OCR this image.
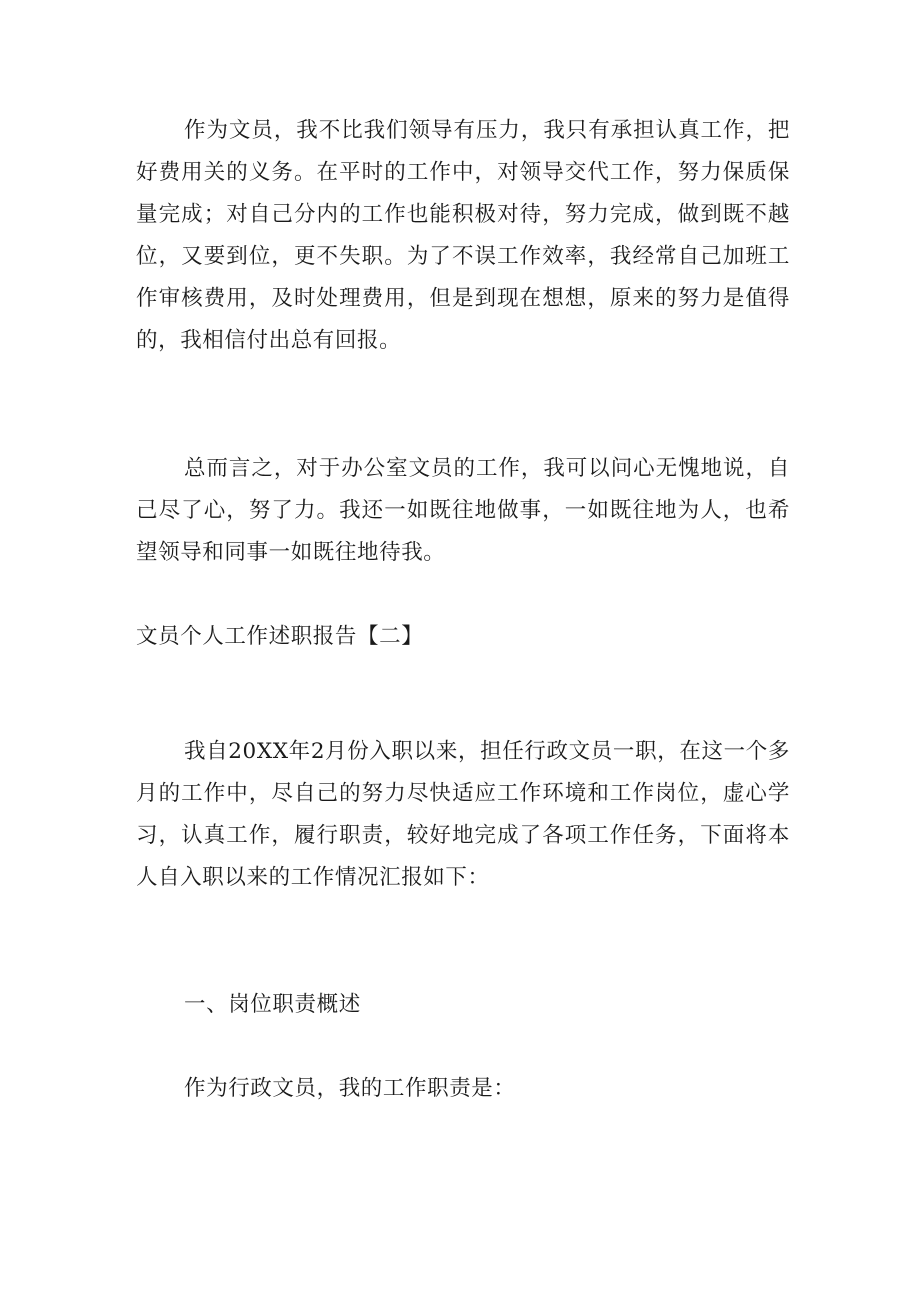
作为文员，我不比我们领导有压力，我只有承担认真工作，把好费用关的义务。在平时的工作中，对领导交代工作，努力保质保量完成；对自己分内的工作也能积极对待，努力完成，做到既不越位，又要到位，更不失职。为了不误工作效率，我经常自己加班工作审核费用，及时处理费用，但是到现在想想，原来的努力是值得的，我相信付出总有回报。

总而言之，对于办公室文员的工作，我可以问心无愧地说，自己尽了心，努了力。我还一如既往地做事，一如既往地为人，也希望领导和同事一如既往地待我。

文员个人工作述职报告【二】

我自20XX年2月份入职以来，担任行政文员一职，在这一个多月的工作中，尽自己的努力尽快适应工作环境和工作岗位，虚心学习，认真工作，履行职责，较好地完成了各项工作任务，下面将本人自入职以来的工作情况汇报如下：

一、岗位职责概述

作为行政文员，我的工作职责是：
